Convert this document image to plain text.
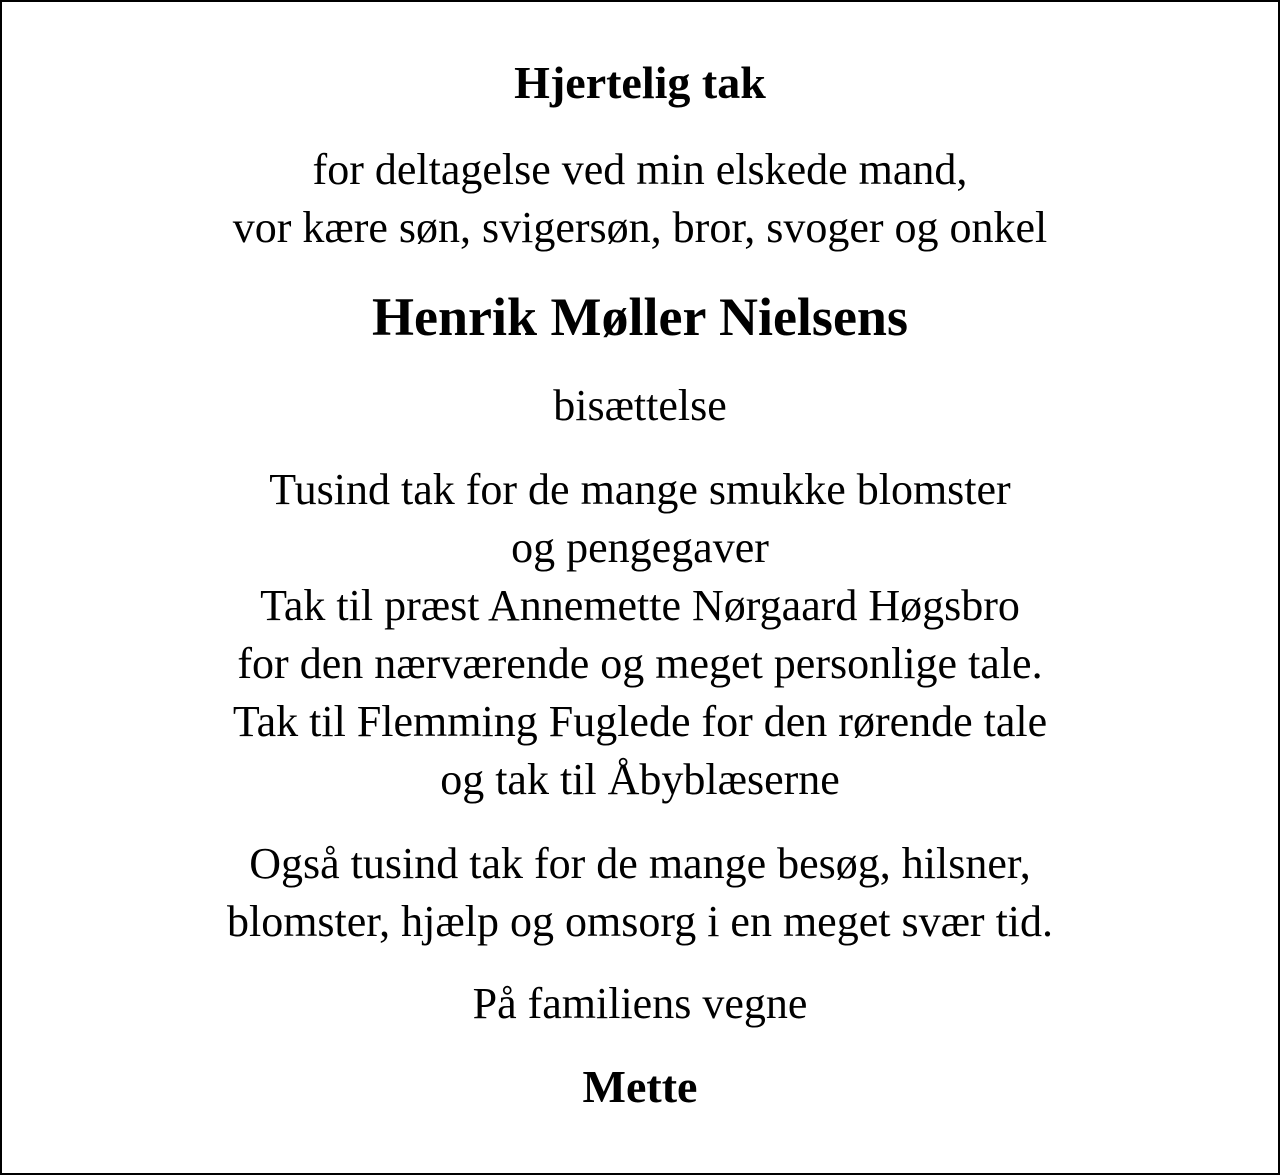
Hjertelig tak
for deltagelse ved min elskede mand,
vor kære søn, svigersøn, bror, svoger og onkel
Henrik Møller Nielsens
bisættelse
Tusind tak for de mange smukke blomster
og pengegaver
Tak til præst Annemette Nørgaard Høgsbro
for den nærværende og meget personlige tale.
Tak til Flemming Fuglede for den rørende tale
og tak til Åbyblæserne
Også tusind tak for de mange besøg, hilsner,
blomster, hjælp og omsorg i en meget svær tid.
På familiens vegne
Mette
